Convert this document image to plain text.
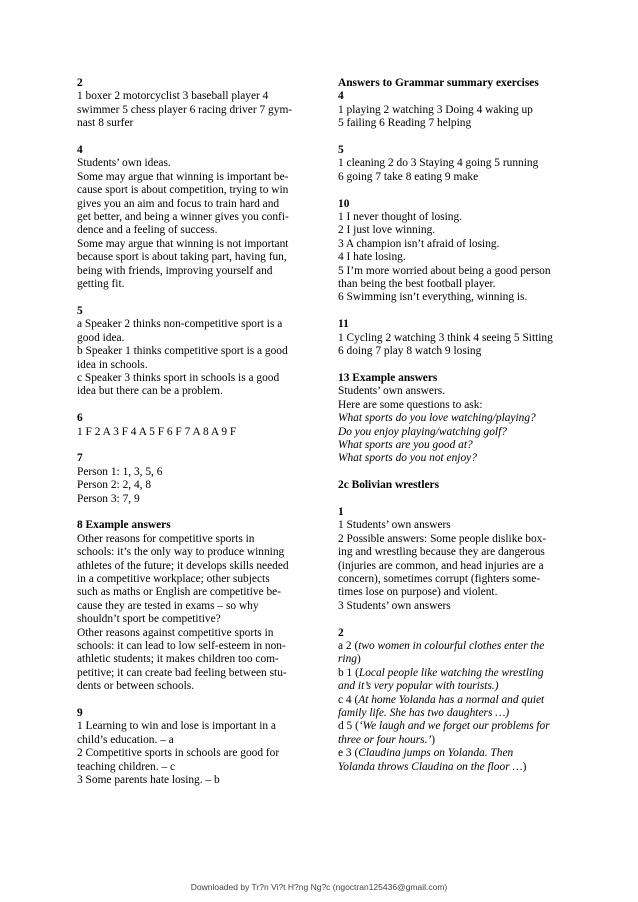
2
1 boxer 2 motorcyclist 3 baseball player 4
swimmer 5 chess player 6 racing driver 7 gym-
nast 8 surfer
4
Students’ own ideas.
Some may argue that winning is important be-
cause sport is about competition, trying to win
gives you an aim and focus to train hard and
get better, and being a winner gives you confi-
dence and a feeling of success.
Some may argue that winning is not important
because sport is about taking part, having fun,
being with friends, improving yourself and
getting fit.
5
a Speaker 2 thinks non-competitive sport is a
good idea.
b Speaker 1 thinks competitive sport is a good
idea in schools.
c Speaker 3 thinks sport in schools is a good
idea but there can be a problem.
6
1 F 2 A 3 F 4 A 5 F 6 F 7 A 8 A 9 F
7
Person 1: 1, 3, 5, 6
Person 2: 2, 4, 8
Person 3: 7, 9
8 Example answers
Other reasons for competitive sports in
schools: it’s the only way to produce winning
athletes of the future; it develops skills needed
in a competitive workplace; other subjects
such as maths or English are competitive be-
cause they are tested in exams – so why
shouldn’t sport be competitive?
Other reasons against competitive sports in
schools: it can lead to low self-esteem in non-
athletic students; it makes children too com-
petitive; it can create bad feeling between stu-
dents or between schools.
9
1 Learning to win and lose is important in a
child’s education. – a
2 Competitive sports in schools are good for
teaching children. – c
3 Some parents hate losing. – b
Answers to Grammar summary exercises
4
1 playing 2 watching 3 Doing 4 waking up
5 failing 6 Reading 7 helping
5
1 cleaning 2 do 3 Staying 4 going 5 running
6 going 7 take 8 eating 9 make
10
1 I never thought of losing.
2 I just love winning.
3 A champion isn’t afraid of losing.
4 I hate losing.
5 I’m more worried about being a good person
than being the best football player.
6 Swimming isn’t everything, winning is.
11
1 Cycling 2 watching 3 think 4 seeing 5 Sitting
6 doing 7 play 8 watch 9 losing
13 Example answers
Students’ own answers.
Here are some questions to ask:
What sports do you love watching/playing?
Do you enjoy playing/watching golf?
What sports are you good at?
What sports do you not enjoy?
2c Bolivian wrestlers
1
1 Students’ own answers
2 Possible answers: Some people dislike box-
ing and wrestling because they are dangerous
(injuries are common, and head injuries are a
concern), sometimes corrupt (fighters some-
times lose on purpose) and violent.
3 Students’ own answers
2
a 2 (two women in colourful clothes enter the
ring)
b 1 (Local people like watching the wrestling
and it’s very popular with tourists.)
c 4 (At home Yolanda has a normal and quiet
family life. She has two daughters …)
d 5 (‘We laugh and we forget our problems for
three or four hours.’)
e 3 (Claudina jumps on Yolanda. Then
Yolanda throws Claudina on the floor …)
Downloaded by Tr?n Vi?t H?ng Ng?c (ngoctran125436@gmail.com)
